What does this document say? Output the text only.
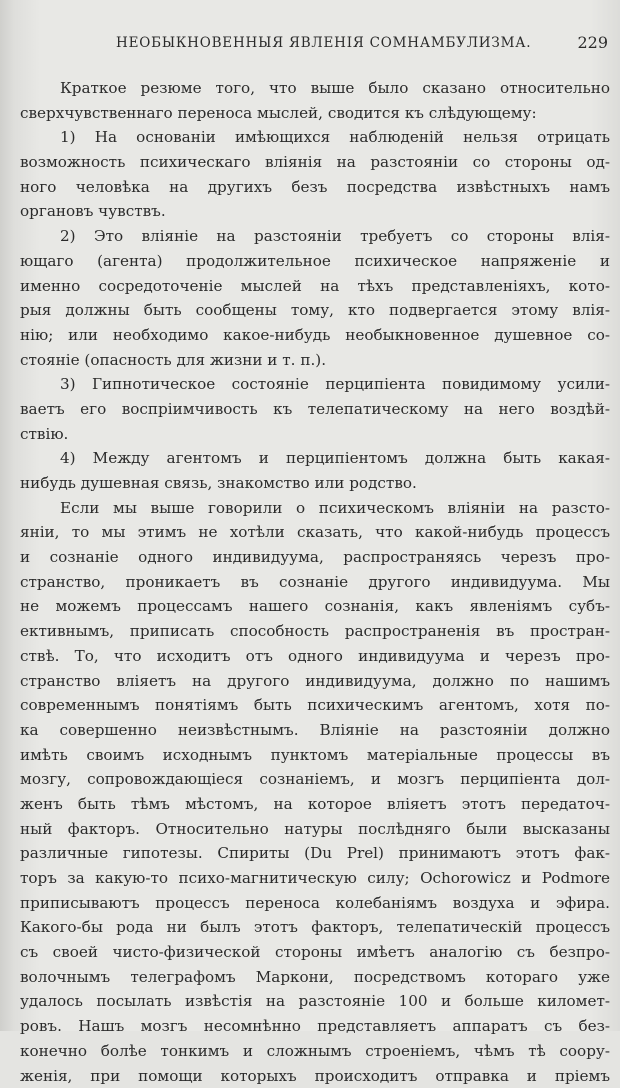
НЕОБЫКНОВЕННЫЯ ЯВЛЕНІЯ СОМНАМБУЛИЗМА.	229
Краткое резюме того, что выше было сказано относительно
сверхчувственнаго переноса мыслей, сводится къ слѣдующему:
1) На основаніи имѣющихся наблюденій нельзя отрицать
возможность психическаго вліянія на разстояніи со стороны од-
ного человѣка на другихъ безъ посредства извѣстныхъ намъ
органовъ чувствъ.
2) Это вліяніе на разстояніи требуетъ со стороны влія-
ющаго (агента) продолжительное психическое напряженіе и
именно сосредоточеніе мыслей на тѣхъ представленіяхъ, кото-
рыя должны быть сообщены тому, кто подвергается этому влія-
нію; или необходимо какое-нибудь необыкновенное душевное со-
стояніе (опасность для жизни и т. п.).
3) Гипнотическое состояніе перципіента повидимому усили-
ваетъ его воспріимчивость къ телепатическому на него воздѣй-
ствію.
4) Между агентомъ и перципіентомъ должна быть какая-
нибудь душевная связь, знакомство или родство.
Если мы выше говорили о психическомъ вліяніи на разсто-
яніи, то мы этимъ не хотѣли сказать, что какой-нибудь процессъ
и сознаніе одного индивидуума, распространяясь черезъ про-
странство, проникаетъ въ сознаніе другого индивидуума. Мы
не можемъ процессамъ нашего сознанія, какъ явленіямъ субъ-
ективнымъ, приписать способность распространенія въ простран-
ствѣ. То, что исходитъ отъ одного индивидуума и черезъ про-
странство вліяетъ на другого индивидуума, должно по нашимъ
современнымъ понятіямъ быть психическимъ агентомъ, хотя по-
ка совершенно неизвѣстнымъ. Вліяніе на разстояніи должно
имѣть своимъ исходнымъ пунктомъ матеріальные процессы въ
мозгу, сопровождающіеся сознаніемъ, и мозгъ перципіента дол-
женъ быть тѣмъ мѣстомъ, на которое вліяетъ этотъ передаточ-
ный факторъ. Относительно натуры послѣдняго были высказаны
различные гипотезы. Спириты (Du Prel) принимаютъ этотъ фак-
торъ за какую-то психо-магнитическую силу; Ochorowicz и Podmore
приписываютъ процессъ переноса колебаніямъ воздуха и эфира.
Какого-бы рода ни былъ этотъ факторъ, телепатическій процессъ
съ своей чисто-физической стороны имѣетъ аналогію съ безпро-
волочнымъ телеграфомъ Маркони, посредствомъ котораго уже
удалось посылать извѣстія на разстояніе 100 и больше километ-
ровъ. Нашъ мозгъ несомнѣнно представляетъ аппаратъ съ без-
конечно болѣе тонкимъ и сложнымъ строеніемъ, чѣмъ тѣ соору-
женія, при помощи которыхъ происходитъ отправка и пріемъ
